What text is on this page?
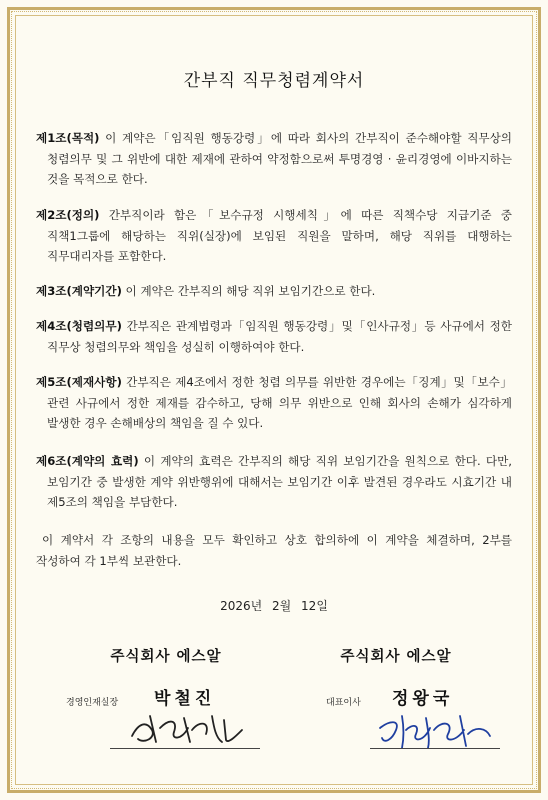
간부직 직무청렴계약서
제1조(목적) 이 계약은「임직원 행동강령」에 따라 회사의 간부직이 준수해야할 직무상의 청렴의무 및 그 위반에 대한 제재에 관하여 약정함으로써 투명경영 · 윤리경영에 이바지하는 것을 목적으로 한다.
제2조(정의) 간부직이라 함은「보수규정 시행세칙」에 따른 직책수당 지급기준 중 직책1그룹에 해당하는 직위(실장)에 보임된 직원을 말하며, 해당 직위를 대행하는 직무대리자를 포함한다.
제3조(계약기간) 이 계약은 간부직의 해당 직위 보임기간으로 한다.
제4조(청렴의무) 간부직은 관계법령과「임직원 행동강령」및「인사규정」등 사규에서 정한 직무상 청렴의무와 책임을 성실히 이행하여야 한다.
제5조(제재사항) 간부직은 제4조에서 정한 청렴 의무를 위반한 경우에는「징계」및「보수」관련 사규에서 정한 제재를 감수하고, 당해 의무 위반으로 인해 회사의 손해가 심각하게 발생한 경우 손해배상의 책임을 질 수 있다.
제6조(계약의 효력) 이 계약의 효력은 간부직의 해당 직위 보임기간을 원칙으로 한다. 다만, 보임기간 중 발생한 계약 위반행위에 대해서는 보임기간 이후 발견된 경우라도 시효기간 내 제5조의 책임을 부담한다.
이 계약서 각 조항의 내용을 모두 확인하고 상호 합의하에 이 계약을 체결하며, 2부를 작성하여 각 1부씩 보관한다.
2026년 2월 12일
주식회사 에스알
경영인재실장 박철진
주식회사 에스알
대표이사 정왕국
